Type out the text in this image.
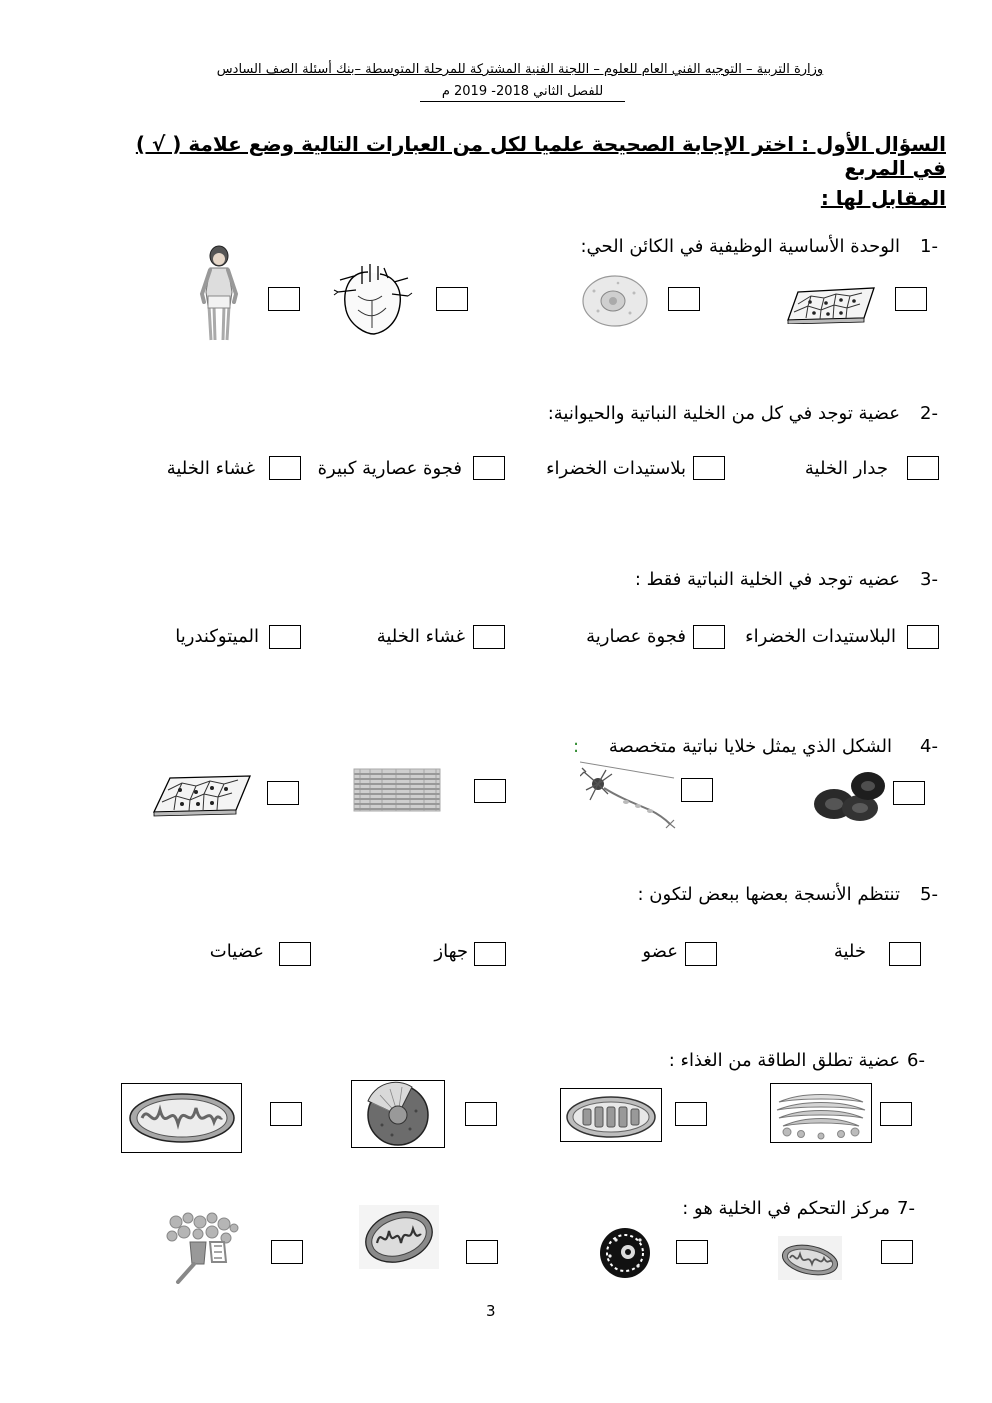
وزارة التربية – التوجيه الفني العام للعلوم – اللجنة الفنية المشتركة للمرحلة المتوسطة –بنك أسئلة الصف السادس
للفصل الثاني 2018- 2019 م
السؤال الأول : اختر الإجابة الصحيحة علميا لكل من العبارات التالية وضع علامة ( √ ) في المربع
المقابل لها :
1-
الوحدة الأساسية الوظيفية في الكائن الحي:
2-
عضية توجد في كل من الخلية النباتية والحيوانية:
جدار الخلية
بلاستيدات الخضراء
فجوة عصارية كبيرة
غشاء الخلية
3-
عضيه توجد في الخلية النباتية فقط :
البلاستيدات الخضراء
فجوة عصارية
غشاء الخلية
الميتوكندريا
4-
الشكل الذي يمثل خلايا نباتية متخصصة
:
5-
تنتظم الأنسجة بعضها ببعض لتكون :
خلية
عضو
جهاز
عضيات
6-
عضية تطلق الطاقة من الغذاء :
7-
مركز التحكم في الخلية هو :
3
